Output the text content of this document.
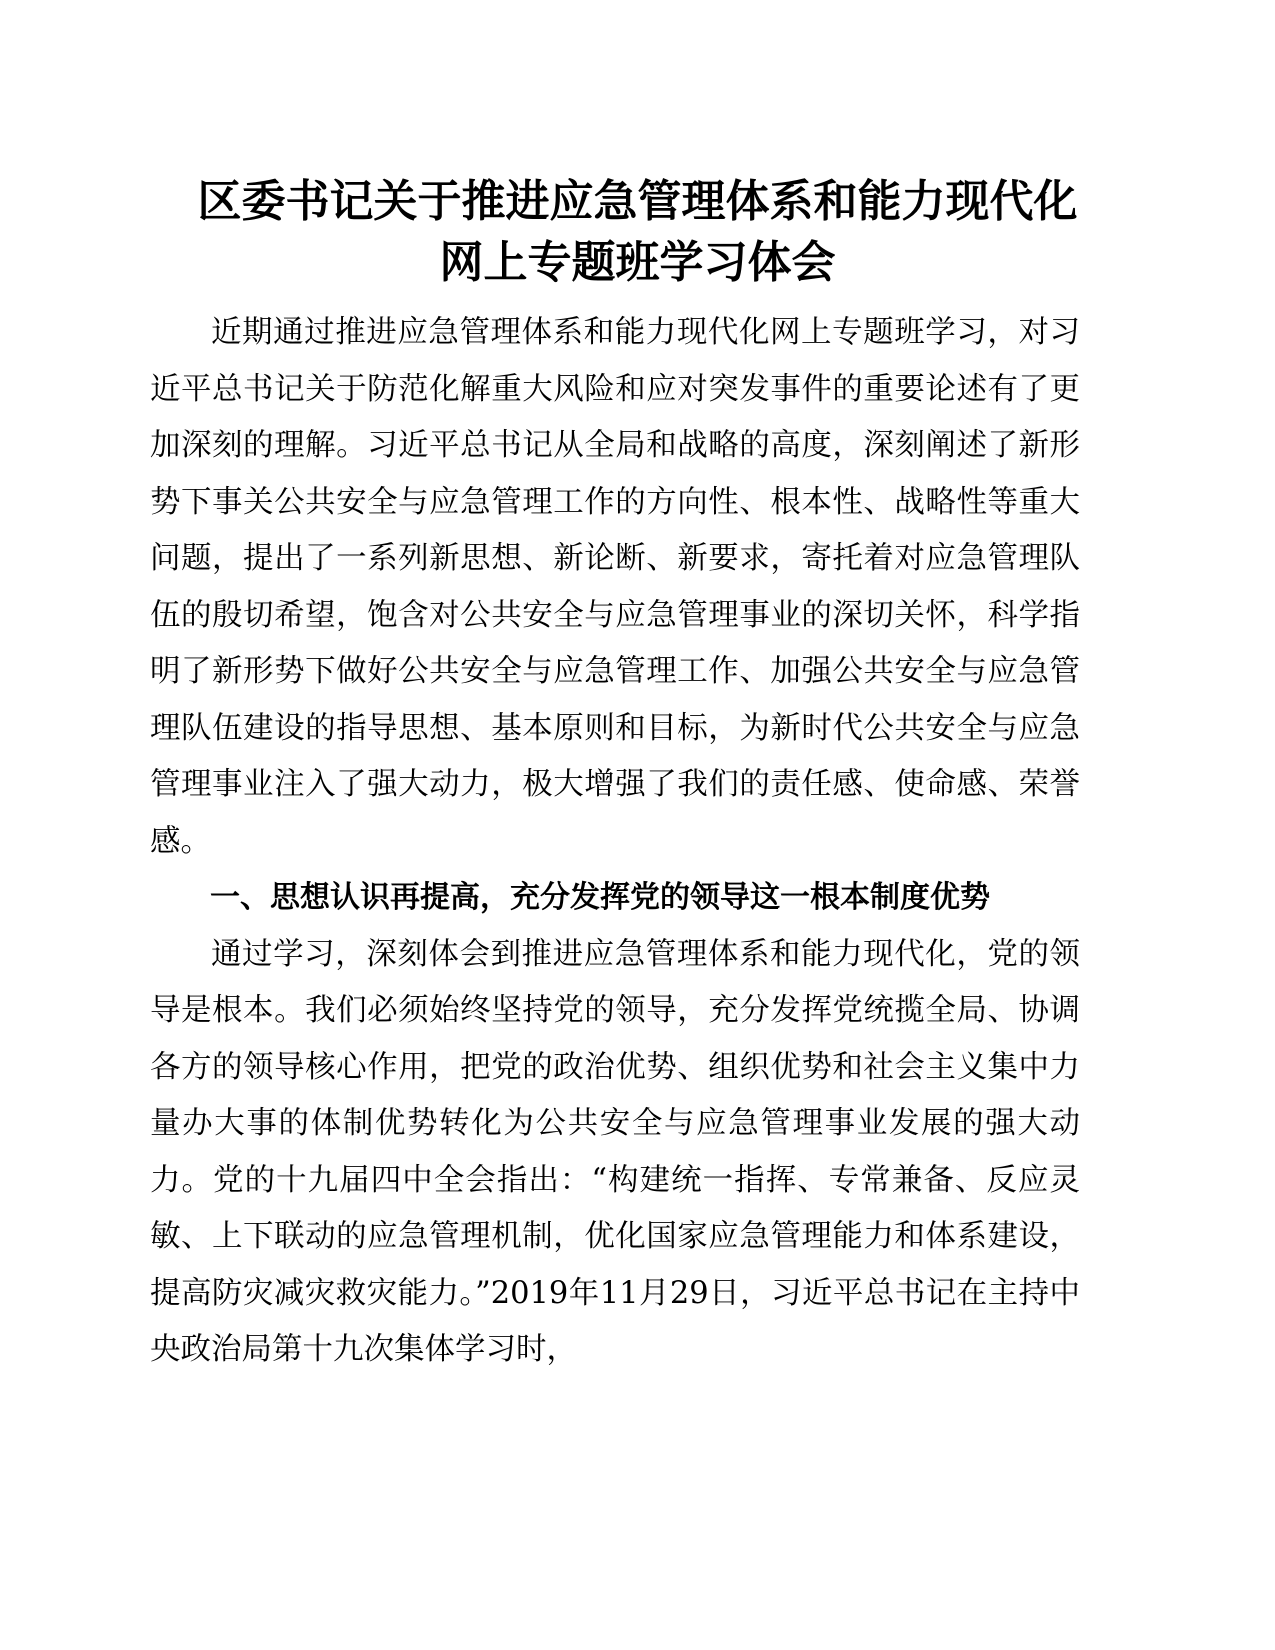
区委书记关于推进应急管理体系和能力现代化
网上专题班学习体会

近期通过推进应急管理体系和能力现代化网上专题班学习，对习近平总书记关于防范化解重大风险和应对突发事件的重要论述有了更加深刻的理解。习近平总书记从全局和战略的高度，深刻阐述了新形势下事关公共安全与应急管理工作的方向性、根本性、战略性等重大问题，提出了一系列新思想、新论断、新要求，寄托着对应急管理队伍的殷切希望，饱含对公共安全与应急管理事业的深切关怀，科学指明了新形势下做好公共安全与应急管理工作、加强公共安全与应急管理队伍建设的指导思想、基本原则和目标，为新时代公共安全与应急管理事业注入了强大动力，极大增强了我们的责任感、使命感、荣誉感。

一、思想认识再提高，充分发挥党的领导这一根本制度优势

通过学习，深刻体会到推进应急管理体系和能力现代化，党的领导是根本。我们必须始终坚持党的领导，充分发挥党统揽全局、协调各方的领导核心作用，把党的政治优势、组织优势和社会主义集中力量办大事的体制优势转化为公共安全与应急管理事业发展的强大动力。党的十九届四中全会指出：“构建统一指挥、专常兼备、反应灵敏、上下联动的应急管理机制，优化国家应急管理能力和体系建设，提高防灾减灾救灾能力。”2019年11月29日，习近平总书记在主持中央政治局第十九次集体学习时，
